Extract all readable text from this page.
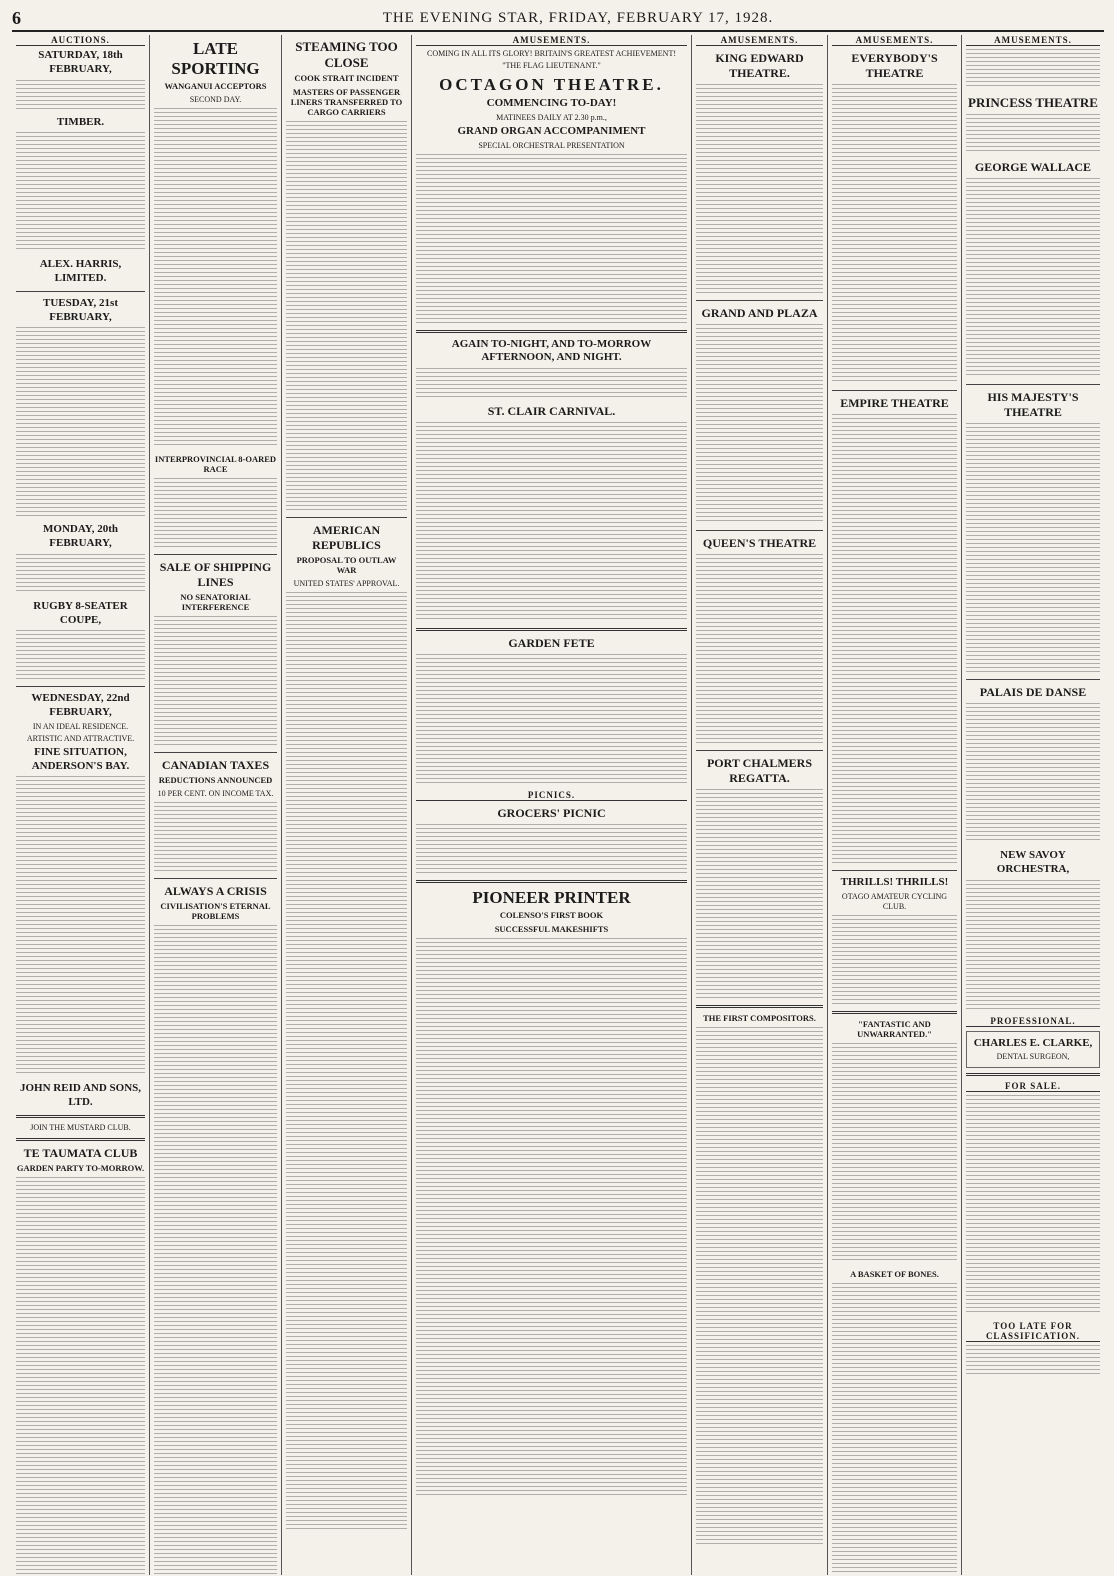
6	THE EVENING STAR, FRIDAY, FEBRUARY 17, 1928.
AUCTIONS.
SATURDAY, 18th FEBRUARY,
TIMBER.
ALEX. HARRIS, LIMITED.
TUESDAY, 21st FEBRUARY,
MONDAY, 20th FEBRUARY,
RUGBY 8-SEATER COUPE,
WEDNESDAY, 22nd FEBRUARY,
IN AN IDEAL RESIDENCE.
ARTISTIC AND ATTRACTIVE.
FINE SITUATION, ANDERSON'S BAY.
JOHN REID AND SONS, LTD.
JOIN THE MUSTARD CLUB.
TE TAUMATA CLUB
GARDEN PARTY TO-MORROW.
LATE SPORTING
WANGANUI ACCEPTORS
SECOND DAY.
INTERPROVINCIAL 8-OARED RACE
SALE OF SHIPPING LINES
NO SENATORIAL INTERFERENCE
CANADIAN TAXES
REDUCTIONS ANNOUNCED
10 PER CENT. ON INCOME TAX.
ALWAYS A CRISIS
CIVILISATION'S ETERNAL PROBLEMS
STEAMING TOO CLOSE
COOK STRAIT INCIDENT
MASTERS OF PASSENGER LINERS TRANSFERRED TO CARGO CARRIERS
AMERICAN REPUBLICS
PROPOSAL TO OUTLAW WAR
UNITED STATES' APPROVAL.
AMUSEMENTS.
COMING IN ALL ITS GLORY! BRITAIN'S GREATEST ACHIEVEMENT!
"THE FLAG LIEUTENANT."
OCTAGON THEATRE.
COMMENCING TO-DAY!
MATINEES DAILY AT 2.30 p.m.,
GRAND ORGAN ACCOMPANIMENT
SPECIAL ORCHESTRAL PRESENTATION
AGAIN TO-NIGHT, AND TO-MORROW AFTERNOON, AND NIGHT.
ST. CLAIR CARNIVAL.
GARDEN FETE
PICNICS.
GROCERS' PICNIC
PIONEER PRINTER
COLENSO'S FIRST BOOK
SUCCESSFUL MAKESHIFTS
AMUSEMENTS.
KING EDWARD THEATRE.
GRAND AND PLAZA
QUEEN'S THEATRE
PORT CHALMERS REGATTA.
THE FIRST COMPOSITORS.
AMUSEMENTS.
EVERYBODY'S THEATRE
EMPIRE THEATRE
THRILLS! THRILLS!
OTAGO AMATEUR CYCLING CLUB.
"FANTASTIC AND UNWARRANTED."
A BASKET OF BONES.
AMUSEMENTS.
PRINCESS THEATRE
GEORGE WALLACE
HIS MAJESTY'S THEATRE
PALAIS DE DANSE
NEW SAVOY ORCHESTRA,
PROFESSIONAL.
CHARLES E. CLARKE,
DENTAL SURGEON,
FOR SALE.
TOO LATE FOR CLASSIFICATION.
